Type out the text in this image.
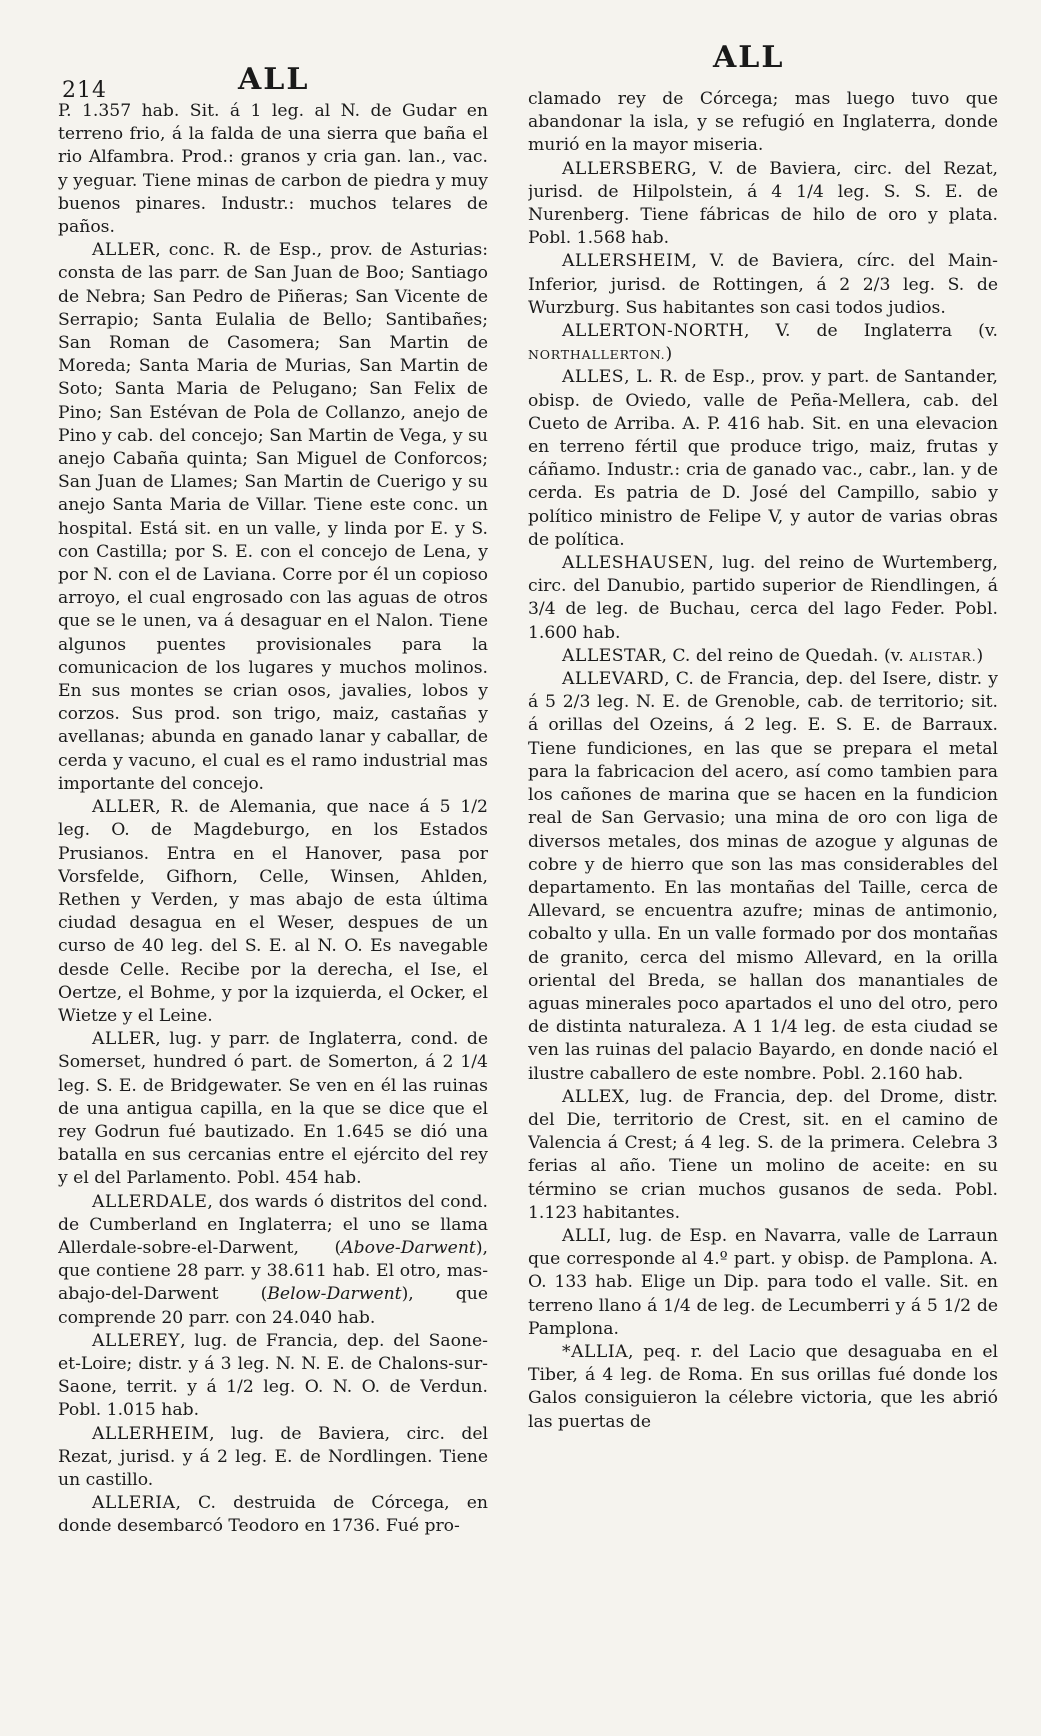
214	ALL
ALL

P. 1.357 hab. Sit. á 1 leg. al N. de Gudar en terreno frio, á la falda de una sierra que baña el rio Alfambra. Prod.: granos y cria gan. lan., vac. y yeguar. Tiene minas de carbon de piedra y muy buenos pinares. Industr.: muchos telares de paños.

ALLER, conc. R. de Esp., prov. de Asturias: consta de las parr. de San Juan de Boo; Santiago de Nebra; San Pedro de Piñeras; San Vicente de Serrapio; Santa Eulalia de Bello; Santibañes; San Roman de Casomera; San Martin de Moreda; Santa Maria de Murias, San Martin de Soto; Santa Maria de Pelugano; San Felix de Pino; San Estévan de Pola de Collanzo, anejo de Pino y cab. del concejo; San Martin de Vega, y su anejo Cabaña quinta; San Miguel de Conforcos; San Juan de Llames; San Martin de Cuerigo y su anejo Santa Maria de Villar. Tiene este conc. un hospital. Está sit. en un valle, y linda por E. y S. con Castilla; por S. E. con el concejo de Lena, y por N. con el de Laviana. Corre por él un copioso arroyo, el cual engrosado con las aguas de otros que se le unen, va á desaguar en el Nalon. Tiene algunos puentes provisionales para la comunicacion de los lugares y muchos molinos. En sus montes se crian osos, javalies, lobos y corzos. Sus prod. son trigo, maiz, castañas y avellanas; abunda en ganado lanar y caballar, de cerda y vacuno, el cual es el ramo industrial mas importante del concejo.

ALLER, R. de Alemania, que nace á 5 1/2 leg. O. de Magdeburgo, en los Estados Prusianos. Entra en el Hanover, pasa por Vorsfelde, Gifhorn, Celle, Winsen, Ahlden, Rethen y Verden, y mas abajo de esta última ciudad desagua en el Weser, despues de un curso de 40 leg. del S. E. al N. O. Es navegable desde Celle. Recibe por la derecha, el Ise, el Oertze, el Bohme, y por la izquierda, el Ocker, el Wietze y el Leine.

ALLER, lug. y parr. de Inglaterra, cond. de Somerset, hundred ó part. de Somerton, á 2 1/4 leg. S. E. de Bridgewater. Se ven en él las ruinas de una antigua capilla, en la que se dice que el rey Godrun fué bautizado. En 1.645 se dió una batalla en sus cercanias entre el ejército del rey y el del Parlamento. Pobl. 454 hab.

ALLERDALE, dos wards ó distritos del cond. de Cumberland en Inglaterra; el uno se llama Allerdale-sobre-el-Darwent, (Above-Darwent), que contiene 28 parr. y 38.611 hab. El otro, mas-abajo-del-Darwent (Below-Darwent), que comprende 20 parr. con 24.040 hab.

ALLEREY, lug. de Francia, dep. del Saone-et-Loire; distr. y á 3 leg. N. N. E. de Chalons-sur-Saone, territ. y á 1/2 leg. O. N. O. de Verdun. Pobl. 1.015 hab.

ALLERHEIM, lug. de Baviera, circ. del Rezat, jurisd. y á 2 leg. E. de Nordlingen. Tiene un castillo.

ALLERIA, C. destruida de Córcega, en donde desembarcó Teodoro en 1736. Fué pro-

clamado rey de Córcega; mas luego tuvo que abandonar la isla, y se refugió en Inglaterra, donde murió en la mayor miseria.

ALLERSBERG, V. de Baviera, circ. del Rezat, jurisd. de Hilpolstein, á 4 1/4 leg. S. S. E. de Nurenberg. Tiene fábricas de hilo de oro y plata. Pobl. 1.568 hab.

ALLERSHEIM, V. de Baviera, círc. del Main-Inferior, jurisd. de Rottingen, á 2 2/3 leg. S. de Wurzburg. Sus habitantes son casi todos judios.

ALLERTON-NORTH, V. de Inglaterra (v. NORTHALLERTON.)

ALLES, L. R. de Esp., prov. y part. de Santander, obisp. de Oviedo, valle de Peña-Mellera, cab. del Cueto de Arriba. A. P. 416 hab. Sit. en una elevacion en terreno fértil que produce trigo, maiz, frutas y cáñamo. Industr.: cria de ganado vac., cabr., lan. y de cerda. Es patria de D. José del Campillo, sabio y político ministro de Felipe V, y autor de varias obras de política.

ALLESHAUSEN, lug. del reino de Wurtemberg, circ. del Danubio, partido superior de Riendlingen, á 3/4 de leg. de Buchau, cerca del lago Feder. Pobl. 1.600 hab.

ALLESTAR, C. del reino de Quedah. (v. ALISTAR.)

ALLEVARD, C. de Francia, dep. del Isere, distr. y á 5 2/3 leg. N. E. de Grenoble, cab. de territorio; sit. á orillas del Ozeins, á 2 leg. E. S. E. de Barraux. Tiene fundiciones, en las que se prepara el metal para la fabricacion del acero, así como tambien para los cañones de marina que se hacen en la fundicion real de San Gervasio; una mina de oro con liga de diversos metales, dos minas de azogue y algunas de cobre y de hierro que son las mas considerables del departamento. En las montañas del Taille, cerca de Allevard, se encuentra azufre; minas de antimonio, cobalto y ulla. En un valle formado por dos montañas de granito, cerca del mismo Allevard, en la orilla oriental del Breda, se hallan dos manantiales de aguas minerales poco apartados el uno del otro, pero de distinta naturaleza. A 1 1/4 leg. de esta ciudad se ven las ruinas del palacio Bayardo, en donde nació el ilustre caballero de este nombre. Pobl. 2.160 hab.

ALLEX, lug. de Francia, dep. del Drome, distr. del Die, territorio de Crest, sit. en el camino de Valencia á Crest; á 4 leg. S. de la primera. Celebra 3 ferias al año. Tiene un molino de aceite: en su término se crian muchos gusanos de seda. Pobl. 1.123 habitantes.

ALLI, lug. de Esp. en Navarra, valle de Larraun que corresponde al 4.º part. y obisp. de Pamplona. A. O. 133 hab. Elige un Dip. para todo el valle. Sit. en terreno llano á 1/4 de leg. de Lecumberri y á 5 1/2 de Pamplona.

*ALLIA, peq. r. del Lacio que desaguaba en el Tiber, á 4 leg. de Roma. En sus orillas fué donde los Galos consiguieron la célebre victoria, que les abrió las puertas de
